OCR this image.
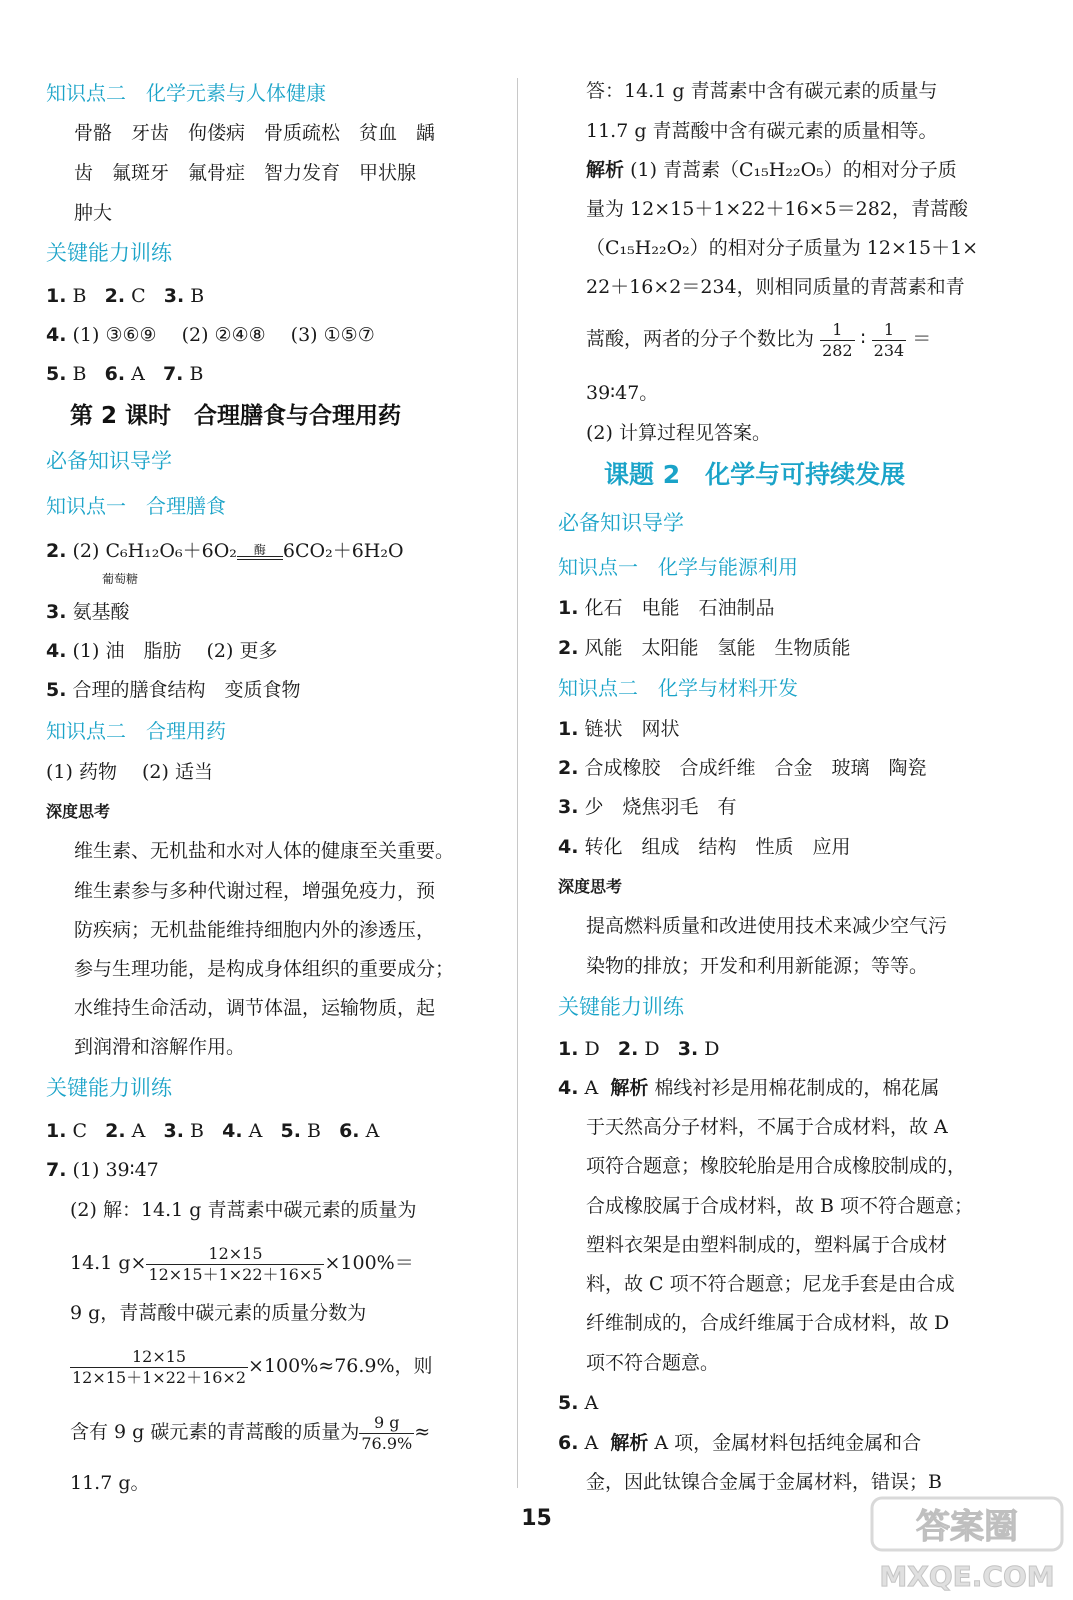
知识点二　化学元素与人体健康
骨骼　牙齿　佝偻病　骨质疏松　贫血　龋
齿　氟斑牙　氟骨症　智力发育　甲状腺
肿大
关键能力训练
1. B 2. C 3. B
4. (1) ③⑥⑨　 (2) ②④⑧　 (3) ①⑤⑦
5. B 6. A 7. B
第 2 课时　合理膳食与合理用药
必备知识导学
知识点一　合理膳食
2. (2) C₆H₁₂O₆＋6O₂	酶 6CO₂＋6H₂O
葡萄糖
3. 氨基酸
4. (1) 油　脂肪　 (2) 更多
5. 合理的膳食结构　变质食物
知识点二　合理用药
(1) 药物　 (2) 适当
深度思考
维生素、无机盐和水对人体的健康至关重要。
维生素参与多种代谢过程，增强免疫力，预
防疾病；无机盐能维持细胞内外的渗透压，
参与生理功能，是构成身体组织的重要成分；
水维持生命活动，调节体温，运输物质，起
到润滑和溶解作用。
关键能力训练
1. C 2. A 3. B 4. A 5. B 6. A
7. (1) 39∶47
(2) 解：14.1 g 青蒿素中碳元素的质量为
14.1 $g\times \frac{12\times 15}{12\times 15+1\times 22+16\times 5} \times 100\%=$
9 g，青蒿酸中碳元素的质量分数为
$\frac{12\times 15}{12\times 15+1\times 22+16\times 2} \times 100\%\approx 76.9\%$，则
含有 9 g 碳元素的青蒿酸的质量为 $\frac{9 g}{76.9\%}$ ≈
11.7 g。
答：14.1 g 青蒿素中含有碳元素的质量与
11.7 g 青蒿酸中含有碳元素的质量相等。
解析 (1) 青蒿素（C₁₅H₂₂O₅）的相对分子质
量为 12×15＋1×22＋16×5＝282，青蒿酸
（C₁₅H₂₂O₂）的相对分子质量为 12×15＋1×
22＋16×2＝234，则相同质量的青蒿素和青
蒿酸，两者的分子个数比为 $\frac{1}{282}$ ∶ $\frac{1}{234}$ ＝
39∶47。
(2) 计算过程见答案。
课题 2　化学与可持续发展
必备知识导学
知识点一　化学与能源利用
1. 化石　电能　石油制品
2. 风能　太阳能　氢能　生物质能
知识点二　化学与材料开发
1. 链状　网状
2. 合成橡胶　合成纤维　合金　玻璃　陶瓷
3. 少　烧焦羽毛　有
4. 转化　组成　结构　性质　应用
深度思考
提高燃料质量和改进使用技术来减少空气污
染物的排放；开发和利用新能源；等等。
关键能力训练
1. D 2. D 3. D
4. A 解析 棉线衬衫是用棉花制成的，棉花属
于天然高分子材料，不属于合成材料，故 A
项符合题意；橡胶轮胎是用合成橡胶制成的，
合成橡胶属于合成材料，故 B 项不符合题意；
塑料衣架是由塑料制成的，塑料属于合成材
料，故 C 项不符合题意；尼龙手套是由合成
纤维制成的，合成纤维属于合成材料，故 D
项不符合题意。
5. A
6. A 解析 A 项，金属材料包括纯金属和合
金，因此钛镍合金属于金属材料，错误；B
15	答案圈
MXQE.COM
